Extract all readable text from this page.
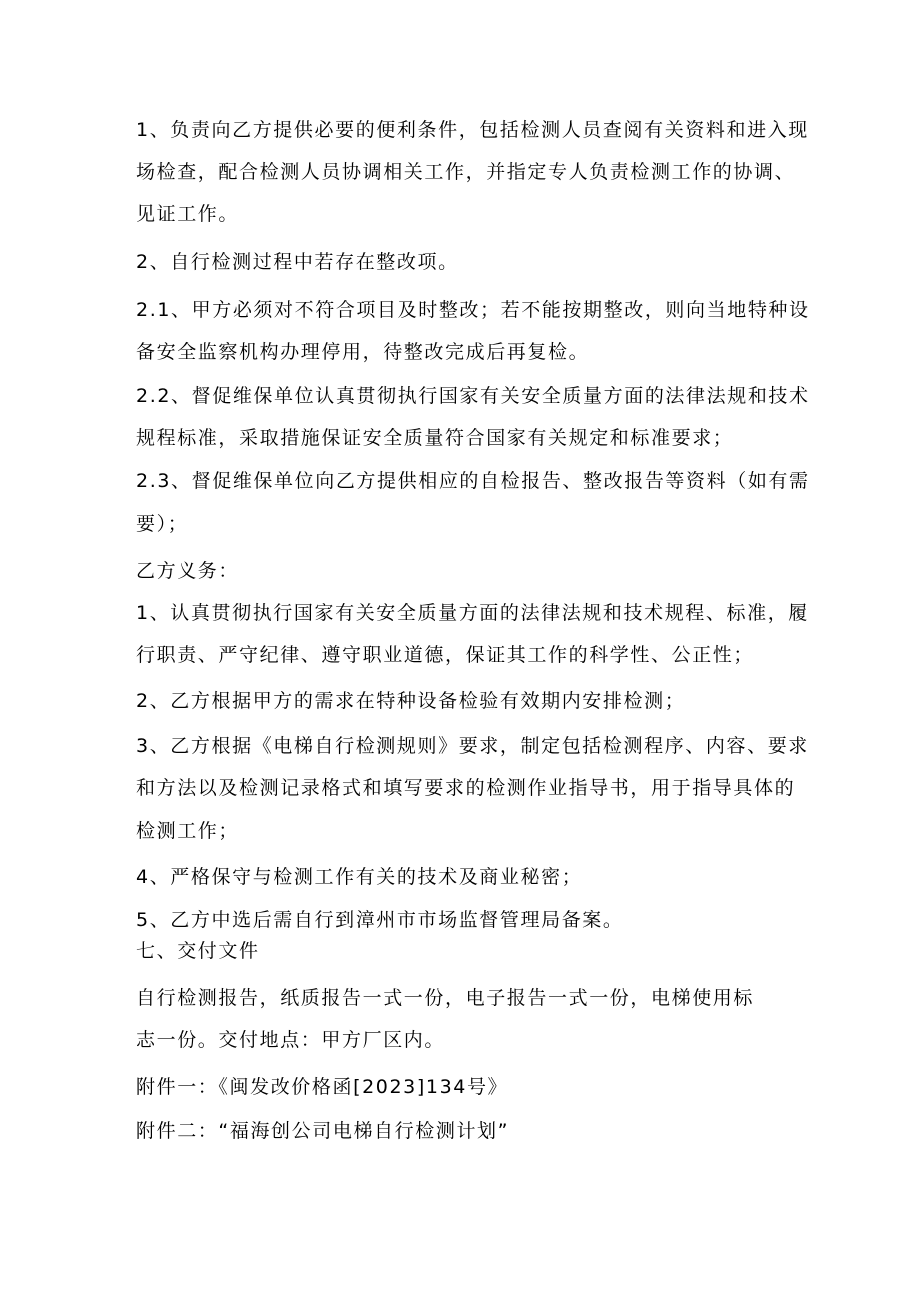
1、负责向乙方提供必要的便利条件，包括检测人员查阅有关资料和进入现
场检查，配合检测人员协调相关工作，并指定专人负责检测工作的协调、
见证工作。
2、自行检测过程中若存在整改项。
2.1、甲方必须对不符合项目及时整改；若不能按期整改，则向当地特种设
备安全监察机构办理停用，待整改完成后再复检。
2.2、督促维保单位认真贯彻执行国家有关安全质量方面的法律法规和技术
规程标准，采取措施保证安全质量符合国家有关规定和标准要求；
2.3、督促维保单位向乙方提供相应的自检报告、整改报告等资料（如有需
要）；
乙方义务：
1、认真贯彻执行国家有关安全质量方面的法律法规和技术规程、标准，履
行职责、严守纪律、遵守职业道德，保证其工作的科学性、公正性；
2、乙方根据甲方的需求在特种设备检验有效期内安排检测；
3、乙方根据《电梯自行检测规则》要求，制定包括检测程序、内容、要求
和方法以及检测记录格式和填写要求的检测作业指导书，用于指导具体的
检测工作；
4、严格保守与检测工作有关的技术及商业秘密；
5、乙方中选后需自行到漳州市市场监督管理局备案。
七、交付文件
自行检测报告，纸质报告一式一份，电子报告一式一份，电梯使用标
志一份。交付地点：甲方厂区内。
附件一：《闽发改价格函[2023]134号》
附件二：“福海创公司电梯自行检测计划”
